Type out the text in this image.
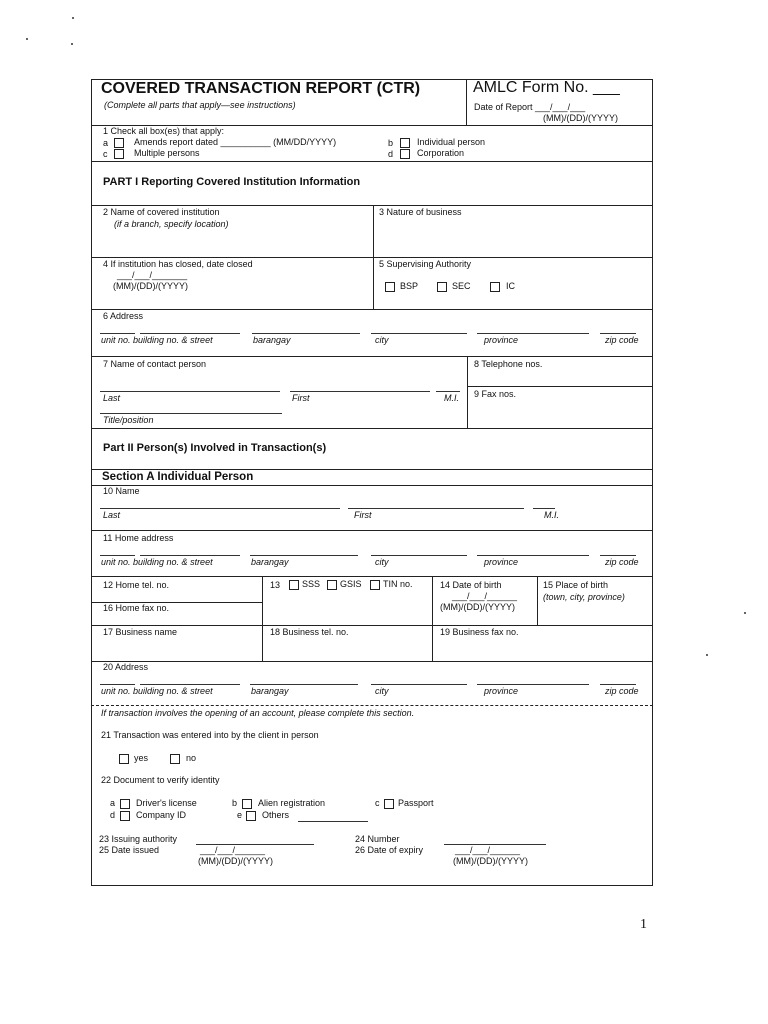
COVERED TRANSACTION REPORT (CTR)
(Complete all parts that apply—see instructions)
AMLC Form No. ___
Date of Report ___/___/___
(MM)/(DD)/(YYYY)
1 Check all box(es) that apply:
a	Amends report dated __________ (MM/DD/YYYY)
c	Multiple persons
b	Individual person
d	Corporation
PART I Reporting Covered Institution Information
2 Name of covered institution
(if a branch, specify location)
3 Nature of business
4 If institution has closed, date closed
___/___/_______
(MM)/(DD)/(YYYY)
5 Supervising Authority
BSP	SEC	IC
6 Address
unit no. building no. & street	barangay	city	province	zip code
7 Name of contact person
Last	First	M.I.
Title/position
8 Telephone nos.
9 Fax nos.
Part II Person(s) Involved in Transaction(s)
Section A Individual Person
10 Name
Last	First	M.I.
11 Home address
unit no. building no. & street	barangay	city	province	zip code
12 Home tel. no.	13 SSS GSIS TIN no.	14 Date of birth
___/___/______
(MM)/(DD)/(YYYY)
15 Place of birth
(town, city, province)
16 Home fax no.
17 Business name	18 Business tel. no.	19 Business fax no.
20 Address
unit no. building no. & street	barangay	city	province	zip code
If transaction involves the opening of an account, please complete this section.
21 Transaction was entered into by the client in person
yes	no
22 Document to verify identity
a Driver's license	b Alien registration	c Passport
d Company ID	e Others
23 Issuing authority	24 Number
25 Date issued	___/___/______
(MM)/(DD)/(YYYY)
26 Date of expiry	___/___/______
(MM)/(DD)/(YYYY)
1
